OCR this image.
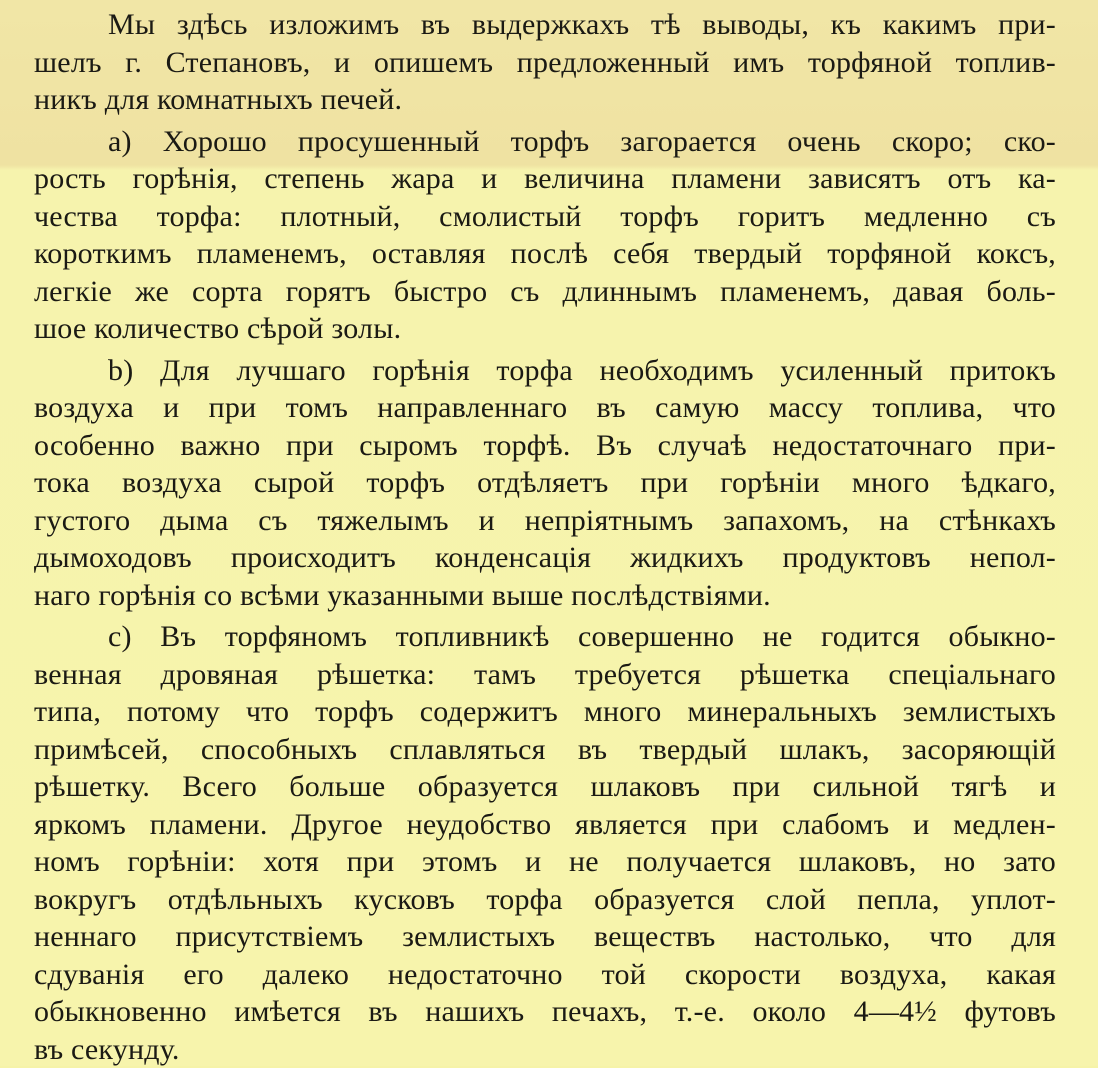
Мы здѣсь изложимъ въ выдержкахъ тѣ выводы, къ какимъ при-
шелъ г. Степановъ, и опишемъ предложенный имъ торфяной топлив-
никъ для комнатныхъ печей.

a) Хорошо просушенный торфъ загорается очень скоро; ско-
рость горѣнія, степень жара и величина пламени зависятъ отъ ка-
чества торфа: плотный, смолистый торфъ горитъ медленно съ
короткимъ пламенемъ, оставляя послѣ себя твердый торфяной коксъ,
легкіе же сорта горятъ быстро съ длиннымъ пламенемъ, давая боль-
шое количество сѣрой золы.

b) Для лучшаго горѣнія торфа необходимъ усиленный притокъ
воздуха и при томъ направленнаго въ самую массу топлива, что
особенно важно при сыромъ торфѣ. Въ случаѣ недостаточнаго при-
тока воздуха сырой торфъ отдѣляетъ при горѣніи много ѣдкаго,
густого дыма съ тяжелымъ и непріятнымъ запахомъ, на стѣнкахъ
дымоходовъ происходитъ конденсація жидкихъ продуктовъ непол-
наго горѣнія со всѣми указанными выше послѣдствіями.

c) Въ торфяномъ топливникѣ совершенно не годится обыкно-
венная дровяная рѣшетка: тамъ требуется рѣшетка спеціальнаго
типа, потому что торфъ содержитъ много минеральныхъ землистыхъ
примѣсей, способныхъ сплавляться въ твердый шлакъ, засоряющій
рѣшетку. Всего больше образуется шлаковъ при сильной тягѣ и
яркомъ пламени. Другое неудобство является при слабомъ и медлен-
номъ горѣніи: хотя при этомъ и не получается шлаковъ, но зато
вокругъ отдѣльныхъ кусковъ торфа образуется слой пепла, уплот-
неннаго присутствіемъ землистыхъ веществъ настолько, что для
сдуванія его далеко недостаточно той скорости воздуха, какая
обыкновенно имѣется въ нашихъ печахъ, т.-е. около 4—4½ футовъ
въ секунду.
